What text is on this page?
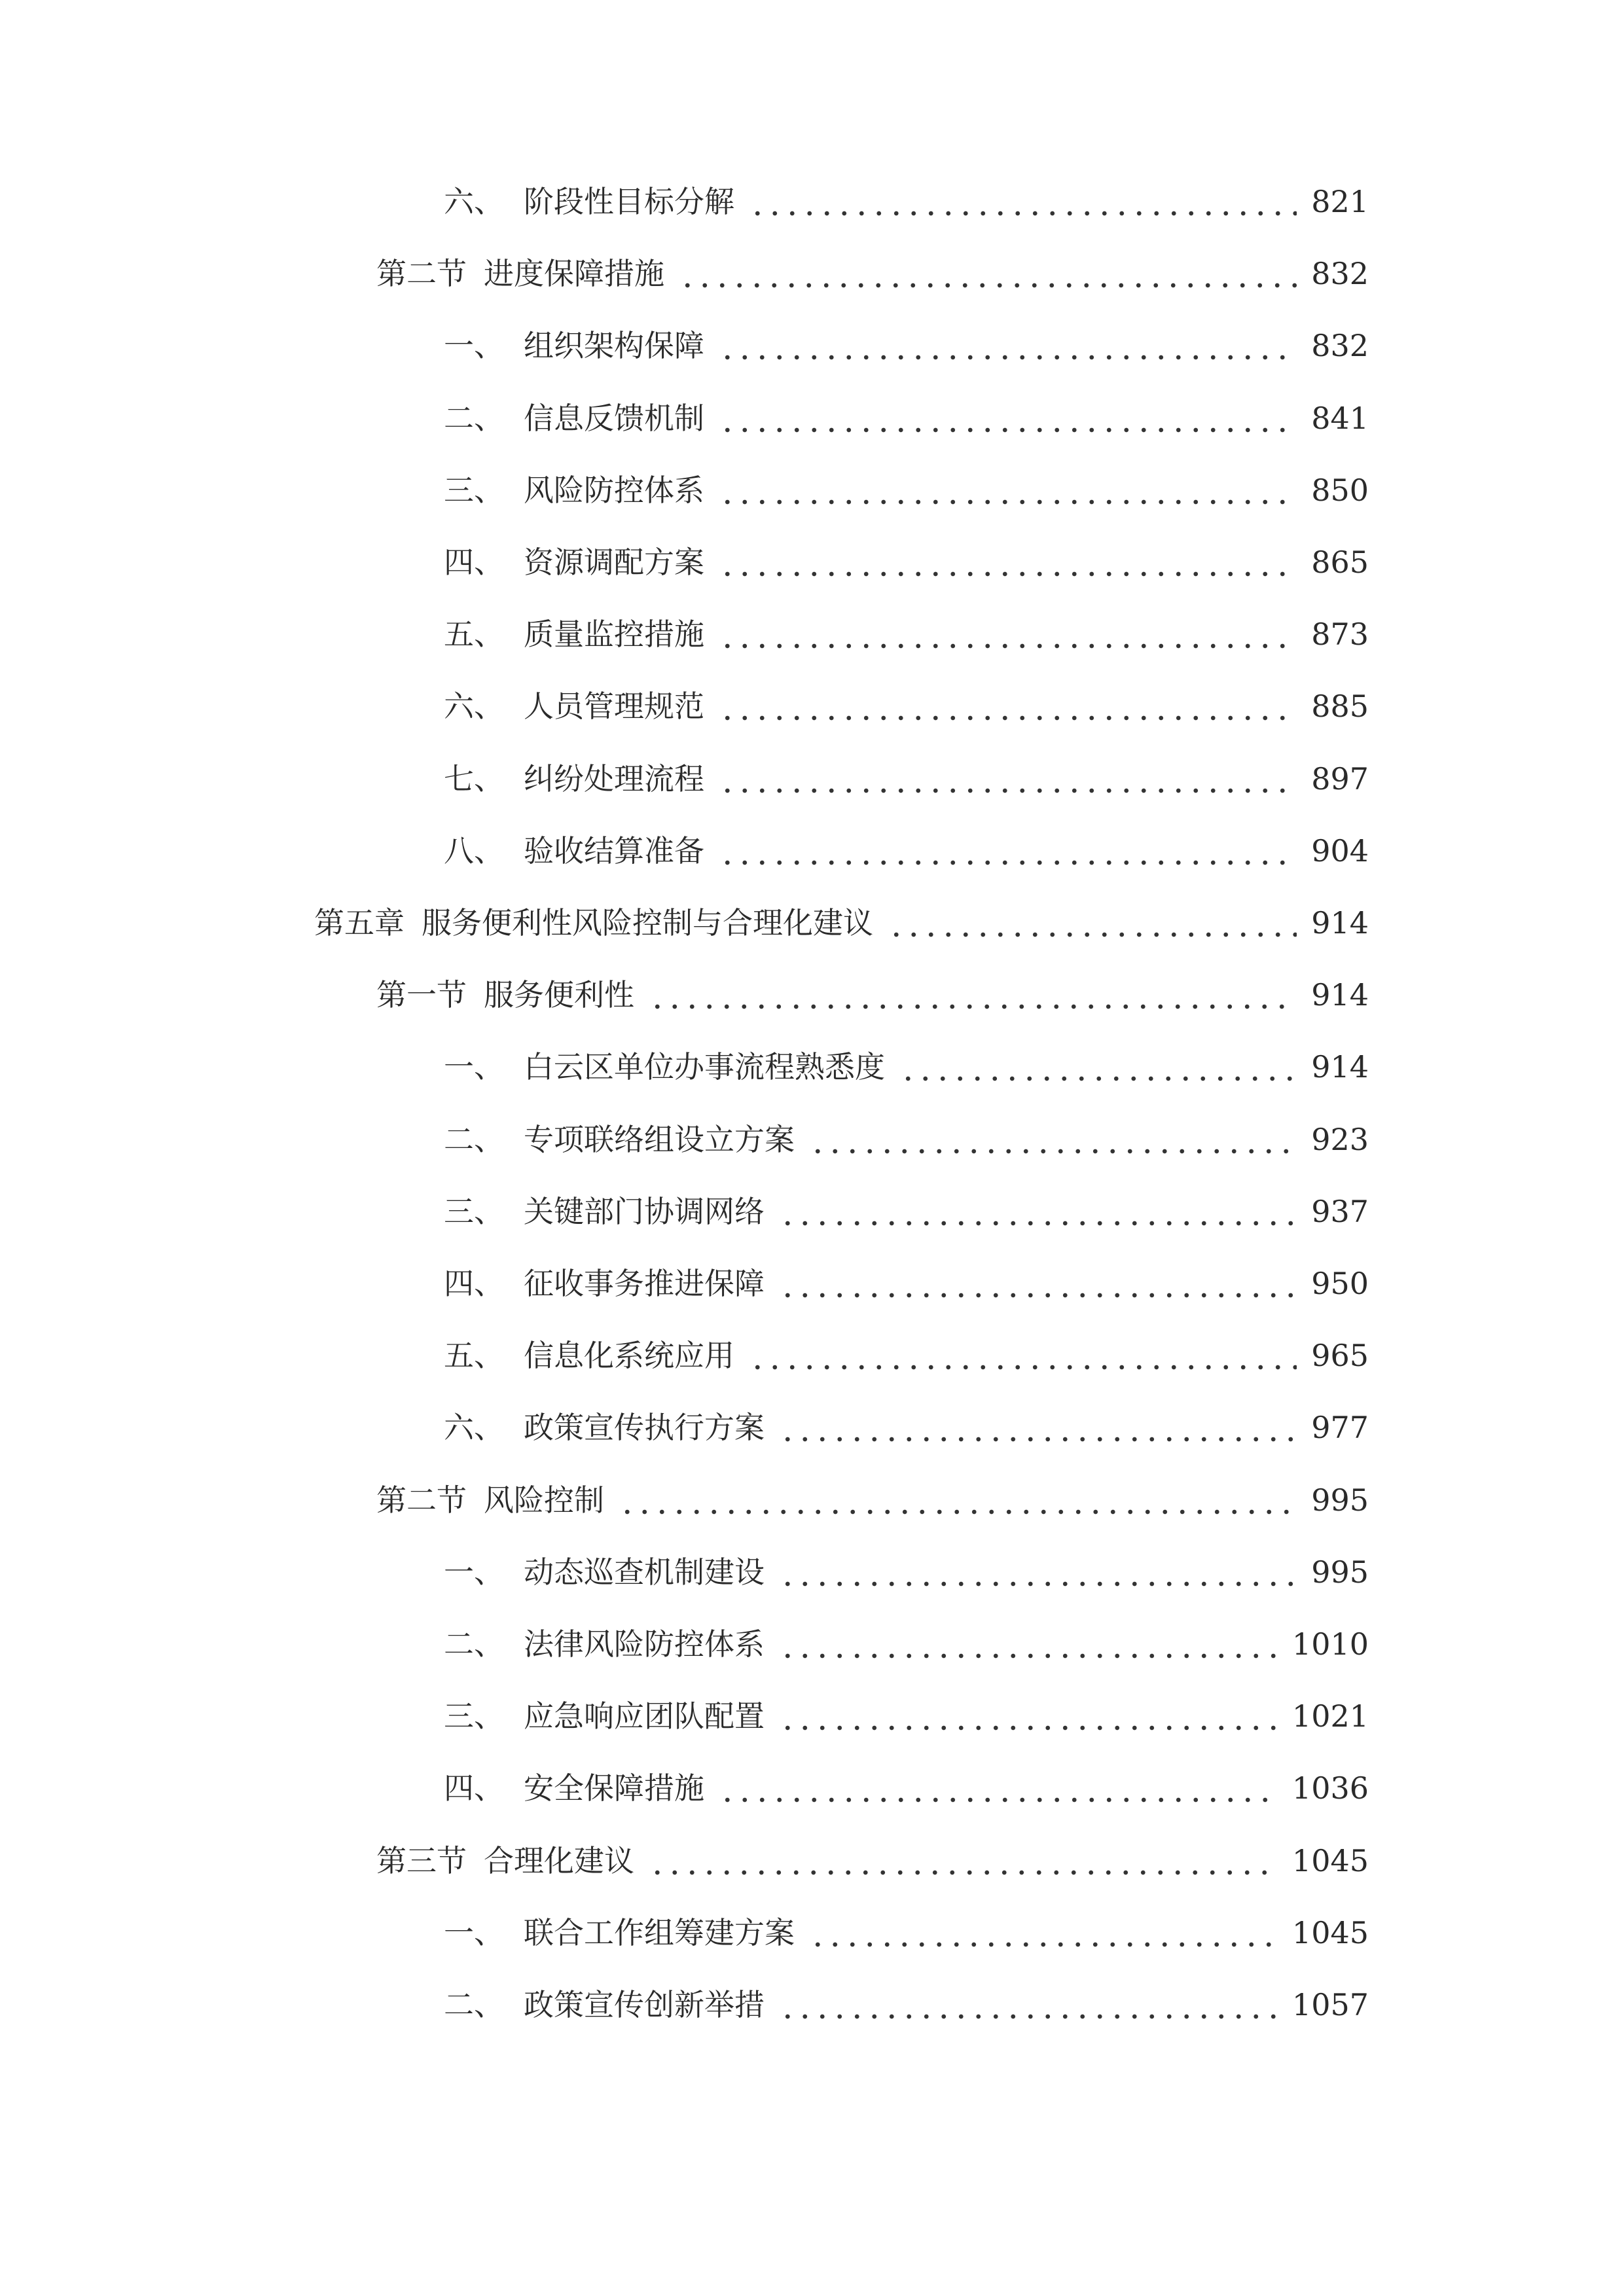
六、 阶段性目标分解	821
第二节 进度保障措施	832
一、 组织架构保障	832
二、 信息反馈机制	841
三、 风险防控体系	850
四、 资源调配方案	865
五、 质量监控措施	873
六、 人员管理规范	885
七、 纠纷处理流程	897
八、 验收结算准备	904
第五章 服务便利性风险控制与合理化建议	914
第一节 服务便利性	914
一、 白云区单位办事流程熟悉度	914
二、 专项联络组设立方案	923
三、 关键部门协调网络	937
四、 征收事务推进保障	950
五、 信息化系统应用	965
六、 政策宣传执行方案	977
第二节 风险控制	995
一、 动态巡查机制建设	995
二、 法律风险防控体系	1010
三、 应急响应团队配置	1021
四、 安全保障措施	1036
第三节 合理化建议	1045
一、 联合工作组筹建方案	1045
二、 政策宣传创新举措	1057
